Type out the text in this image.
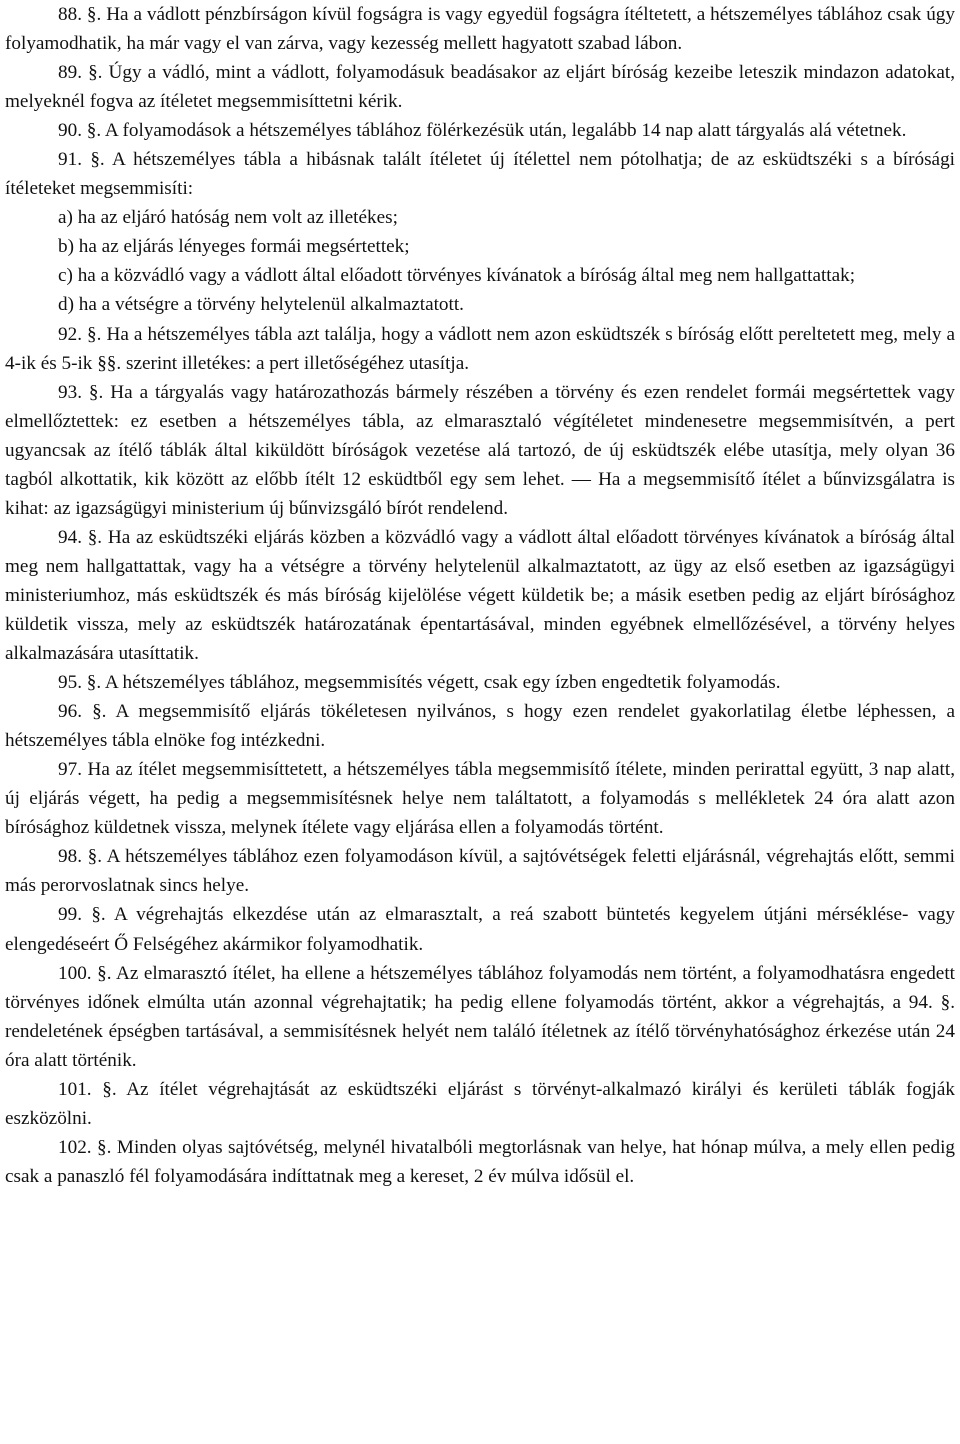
88. §. Ha a vádlott pénzbírságon kívül fogságra is vagy egyedül fogságra ítéltetett, a hétszemélyes táblához csak úgy folyamodhatik, ha már vagy el van zárva, vagy kezesség mellett hagyatott szabad lábon.

89. §. Úgy a vádló, mint a vádlott, folyamodásuk beadásakor az eljárt bíróság kezeibe leteszik mindazon adatokat, melyeknél fogva az ítéletet megsemmisíttetni kérik.

90. §. A folyamodások a hétszemélyes táblához fölérkezésük után, legalább 14 nap alatt tárgyalás alá vétetnek.

91. §. A hétszemélyes tábla a hibásnak talált ítéletet új ítélettel nem pótolhatja; de az esküdtszéki s a bírósági ítéleteket megsemmisíti:

a) ha az eljáró hatóság nem volt az illetékes;

b) ha az eljárás lényeges formái megsértettek;

c) ha a közvádló vagy a vádlott által előadott törvényes kívánatok a bíróság által meg nem hallgattattak;

d) ha a vétségre a törvény helytelenül alkalmaztatott.

92. §. Ha a hétszemélyes tábla azt találja, hogy a vádlott nem azon esküdtszék s bíróság előtt pereltetett meg, mely a 4-ik és 5-ik §§. szerint illetékes: a pert illetőségéhez utasítja.

93. §. Ha a tárgyalás vagy határozathozás bármely részében a törvény és ezen rendelet formái megsértettek vagy elmellőztettek: ez esetben a hétszemélyes tábla, az elmarasztaló végítéletet mindenesetre megsemmisítvén, a pert ugyancsak az ítélő táblák által kiküldött bíróságok vezetése alá tartozó, de új esküdtszék elébe utasítja, mely olyan 36 tagból alkottatik, kik között az előbb ítélt 12 esküdtből egy sem lehet. — Ha a megsemmisítő ítélet a bűnvizsgálatra is kihat: az igazságügyi ministerium új bűnvizsgáló bírót rendelend.

94. §. Ha az esküdtszéki eljárás közben a közvádló vagy a vádlott által előadott törvényes kívánatok a bíróság által meg nem hallgattattak, vagy ha a vétségre a törvény helytelenül alkalmaztatott, az ügy az első esetben az igazságügyi ministeriumhoz, más esküdtszék és más bíróság kijelölése végett küldetik be; a másik esetben pedig az eljárt bírósághoz küldetik vissza, mely az esküdtszék határozatának épentartásával, minden egyébnek elmellőzésével, a törvény helyes alkalmazására utasíttatik.

95. §. A hétszemélyes táblához, megsemmisítés végett, csak egy ízben engedtetik folyamodás.

96. §. A megsemmisítő eljárás tökéletesen nyilvános, s hogy ezen rendelet gyakorlatilag életbe léphessen, a hétszemélyes tábla elnöke fog intézkedni.

97. Ha az ítélet megsemmisíttetett, a hétszemélyes tábla megsemmisítő ítélete, minden perirattal együtt, 3 nap alatt, új eljárás végett, ha pedig a megsemmisítésnek helye nem találtatott, a folyamodás s mellékletek 24 óra alatt azon bírósághoz küldetnek vissza, melynek ítélete vagy eljárása ellen a folyamodás történt.

98. §. A hétszemélyes táblához ezen folyamodáson kívül, a sajtóvétségek feletti eljárásnál, végrehajtás előtt, semmi más perorvoslatnak sincs helye.

99. §. A végrehajtás elkezdése után az elmarasztalt, a reá szabott büntetés kegyelem útjáni mérséklése- vagy elengedéseért Ő Felségéhez akármikor folyamodhatik.

100. §. Az elmarasztó ítélet, ha ellene a hétszemélyes táblához folyamodás nem történt, a folyamodhatásra engedett törvényes időnek elmúlta után azonnal végrehajtatik; ha pedig ellene folyamodás történt, akkor a végrehajtás, a 94. §. rendeletének épségben tartásával, a semmisítésnek helyét nem találó ítéletnek az ítélő törvényhatósághoz érkezése után 24 óra alatt történik.

101. §. Az ítélet végrehajtását az esküdtszéki eljárást s törvényt-alkalmazó királyi és kerületi táblák fogják eszközölni.

102. §. Minden olyas sajtóvétség, melynél hivatalbóli megtorlásnak van helye, hat hónap múlva, a mely ellen pedig csak a panaszló fél folyamodására indíttatnak meg a kereset, 2 év múlva idősül el.
